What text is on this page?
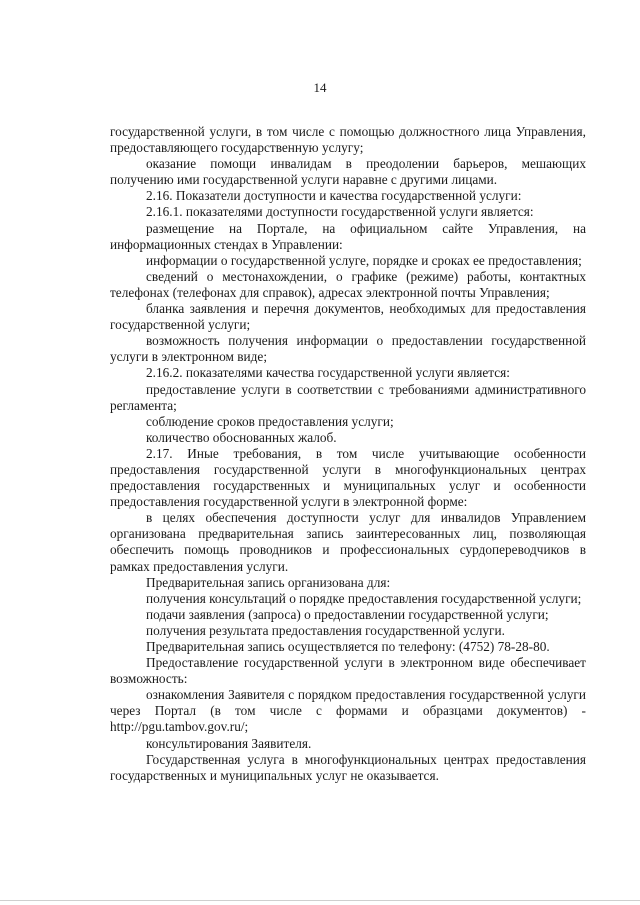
14

государственной услуги, в том числе с помощью должностного лица Управления, предоставляющего государственную услугу;

оказание помощи инвалидам в преодолении барьеров, мешающих получению ими государственной услуги наравне с другими лицами.

2.16. Показатели доступности и качества государственной услуги:

2.16.1. показателями доступности государственной услуги является:

размещение на Портале, на официальном сайте Управления, на информационных стендах в Управлении:

информации о государственной услуге, порядке и сроках ее предоставления;

сведений о местонахождении, о графике (режиме) работы, контактных телефонах (телефонах для справок), адресах электронной почты Управления;

бланка заявления и перечня документов, необходимых для предоставления государственной услуги;

возможность получения информации о предоставлении государственной услуги в электронном виде;

2.16.2. показателями качества государственной услуги является:

предоставление услуги в соответствии с требованиями административного регламента;

соблюдение сроков предоставления услуги;

количество обоснованных жалоб.

2.17. Иные требования, в том числе учитывающие особенности предоставления государственной услуги в многофункциональных центрах предоставления государственных и муниципальных услуг и особенности предоставления государственной услуги в электронной форме:

в целях обеспечения доступности услуг для инвалидов Управлением организована предварительная запись заинтересованных лиц, позволяющая обеспечить помощь проводников и профессиональных сурдопереводчиков в рамках предоставления услуги.

Предварительная запись организована для:

получения консультаций о порядке предоставления государственной услуги;

подачи заявления (запроса) о предоставлении государственной услуги;

получения результата предоставления государственной услуги.

Предварительная запись осуществляется по телефону: (4752) 78-28-80.

Предоставление государственной услуги в электронном виде обеспечивает возможность:

ознакомления Заявителя с порядком предоставления государственной услуги через Портал (в том числе с формами и образцами документов) - http://pgu.tambov.gov.ru/;

консультирования Заявителя.

Государственная услуга в многофункциональных центрах предоставления государственных и муниципальных услуг не оказывается.
